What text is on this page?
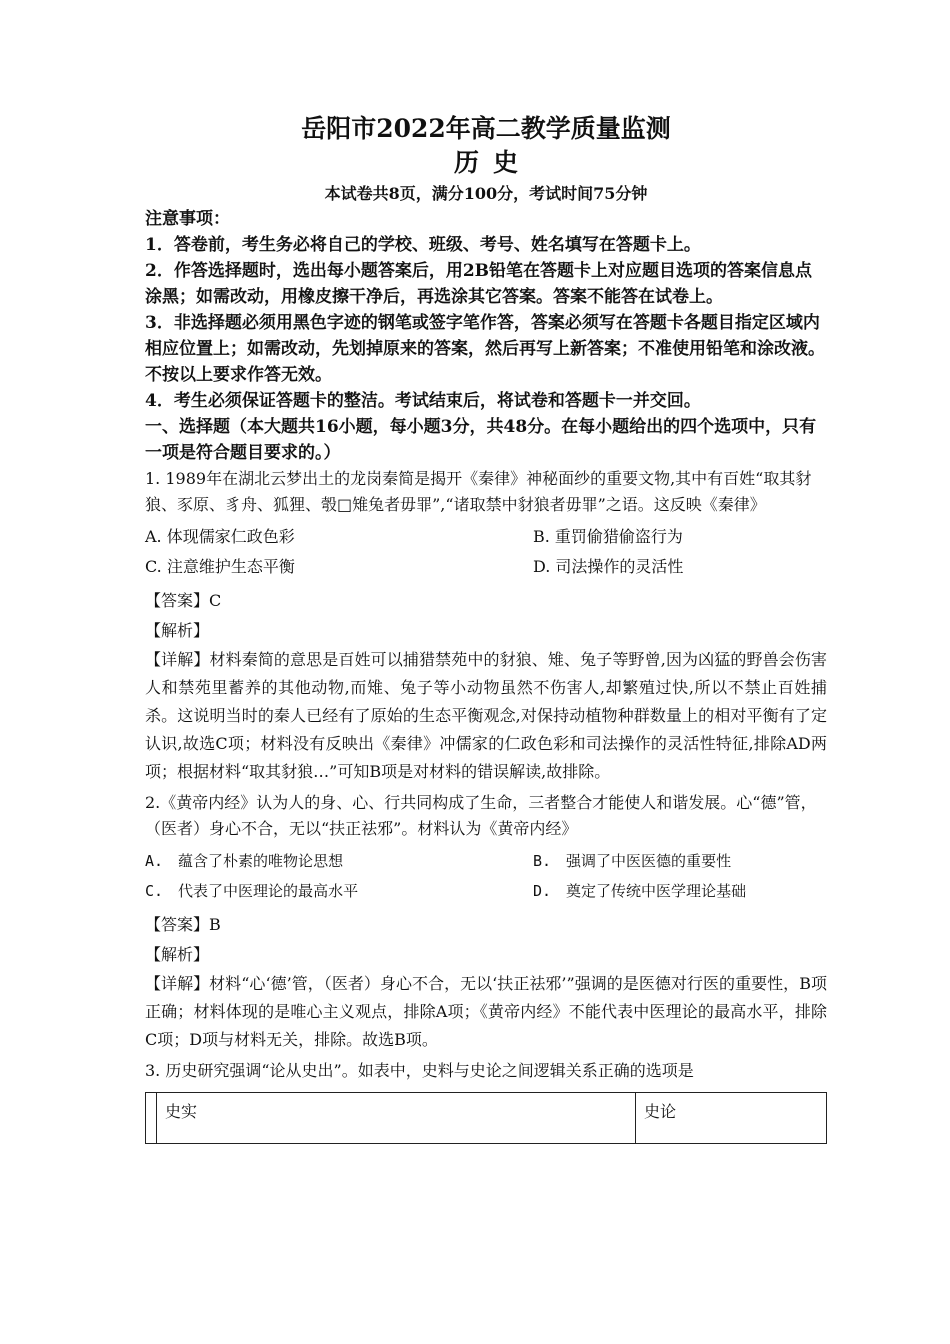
岳阳市2022年高二教学质量监测

历史

本试卷共8页，满分100分，考试时间75分钟

注意事项：

1．答卷前，考生务必将自己的学校、班级、考号、姓名填写在答题卡上。

2．作答选择题时，选出每小题答案后，用2B铅笔在答题卡上对应题目选项的答案信息点涂黑；如需改动，用橡皮擦干净后，再选涂其它答案。答案不能答在试卷上。

3．非选择题必须用黑色字迹的钢笔或签字笔作答，答案必须写在答题卡各题目指定区域内相应位置上；如需改动，先划掉原来的答案，然后再写上新答案；不准使用铅笔和涂改液。不按以上要求作答无效。

4．考生必须保证答题卡的整洁。考试结束后，将试卷和答题卡一并交回。

一、选择题（本大题共16小题，每小题3分，共48分。在每小题给出的四个选项中，只有一项是符合题目要求的。）

1. 1989年在湖北云梦出土的龙岗秦简是揭开《秦律》神秘面纱的重要文物,其中有百姓“取其豺狼、豕原、豸舟、狐狸、彀□雉兔者毋罪”,“诸取禁中豺狼者毋罪”之语。这反映《秦律》

A. 体现儒家仁政色彩	B. 重罚偷猎偷盗行为
C. 注意维护生态平衡	D. 司法操作的灵活性

【答案】C

【解析】

【详解】材料秦简的意思是百姓可以捕猎禁苑中的豺狼、雉、兔子等野曾,因为凶猛的野兽会伤害人和禁苑里蓄养的其他动物,而雉、兔子等小动物虽然不伤害人,却繁殖过快,所以不禁止百姓捕杀。这说明当时的秦人已经有了原始的生态平衡观念,对保持动植物种群数量上的相对平衡有了定认识,故选C项；材料没有反映出《秦律》冲儒家的仁政色彩和司法操作的灵活性特征,排除AD两项；根据材料“取其豺狼…”可知B项是对材料的错误解读,故排除。

2.《黄帝内经》认为人的身、心、行共同构成了生命，三者整合才能使人和谐发展。心“德”管，（医者）身心不合，无以“扶正祛邪”。材料认为《黄帝内经》

A.　蕴含了朴素的唯物论思想	B.　强调了中医医德的重要性
C.　代表了中医理论的最高水平	D.　奠定了传统中医学理论基础

【答案】B

【解析】

【详解】材料“心‘德’管，（医者）身心不合，无以‘扶正祛邪’”强调的是医德对行医的重要性，B项正确；材料体现的是唯心主义观点，排除A项；《黄帝内经》不能代表中医理论的最高水平，排除C项；D项与材料无关，排除。故选B项。

3. 历史研究强调“论从史出”。如表中，史料与史论之间逻辑关系正确的选项是

	史实	史论
